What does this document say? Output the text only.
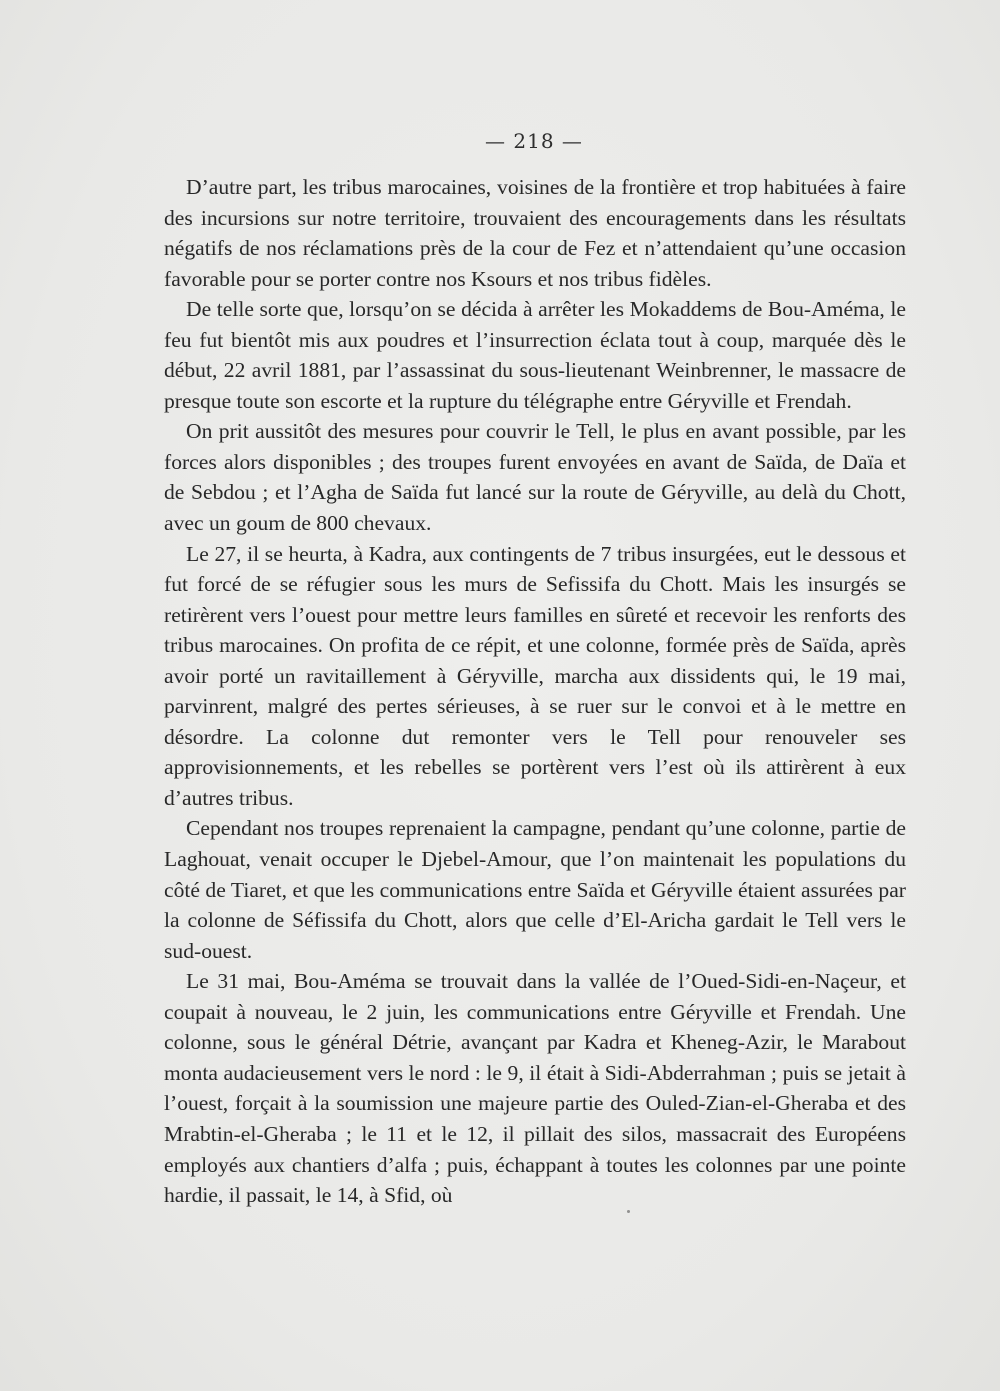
— 218 —

D’autre part, les tribus marocaines, voisines de la frontière et trop habituées à faire des incursions sur notre territoire, trouvaient des encouragements dans les résultats négatifs de nos réclamations près de la cour de Fez et n’attendaient qu’une occasion favorable pour se porter contre nos Ksours et nos tribus fidèles.

De telle sorte que, lorsqu’on se décida à arrêter les Mokaddems de Bou-Améma, le feu fut bientôt mis aux poudres et l’insurrection éclata tout à coup, marquée dès le début, 22 avril 1881, par l’assassinat du sous-lieutenant Weinbrenner, le massacre de presque toute son escorte et la rupture du télégraphe entre Géryville et Frendah.

On prit aussitôt des mesures pour couvrir le Tell, le plus en avant possible, par les forces alors disponibles ; des troupes furent envoyées en avant de Saïda, de Daïa et de Sebdou ; et l’Agha de Saïda fut lancé sur la route de Géryville, au delà du Chott, avec un goum de 800 chevaux.

Le 27, il se heurta, à Kadra, aux contingents de 7 tribus insurgées, eut le dessous et fut forcé de se réfugier sous les murs de Sefissifa du Chott. Mais les insurgés se retirèrent vers l’ouest pour mettre leurs familles en sûreté et recevoir les renforts des tribus marocaines. On profita de ce répit, et une colonne, formée près de Saïda, après avoir porté un ravitaillement à Géryville, marcha aux dissidents qui, le 19 mai, parvinrent, malgré des pertes sérieuses, à se ruer sur le convoi et à le mettre en désordre. La colonne dut remonter vers le Tell pour renouveler ses approvisionnements, et les rebelles se portèrent vers l’est où ils attirèrent à eux d’autres tribus.

Cependant nos troupes reprenaient la campagne, pendant qu’une colonne, partie de Laghouat, venait occuper le Djebel-Amour, que l’on maintenait les populations du côté de Tiaret, et que les communications entre Saïda et Géryville étaient assurées par la colonne de Séfissifa du Chott, alors que celle d’El-Aricha gardait le Tell vers le sud-ouest.

Le 31 mai, Bou-Améma se trouvait dans la vallée de l’Oued-Sidi-en-Naçeur, et coupait à nouveau, le 2 juin, les communications entre Géryville et Frendah. Une colonne, sous le général Détrie, avançant par Kadra et Kheneg-Azir, le Marabout monta audacieusement vers le nord : le 9, il était à Sidi-Abderrahman ; puis se jetait à l’ouest, forçait à la soumission une majeure partie des Ouled-Zian-el-Gheraba et des Mrabtin-el-Gheraba ; le 11 et le 12, il pillait des silos, massacrait des Européens employés aux chantiers d’alfa ; puis, échappant à toutes les colonnes par une pointe hardie, il passait, le 14, à Sfid, où
